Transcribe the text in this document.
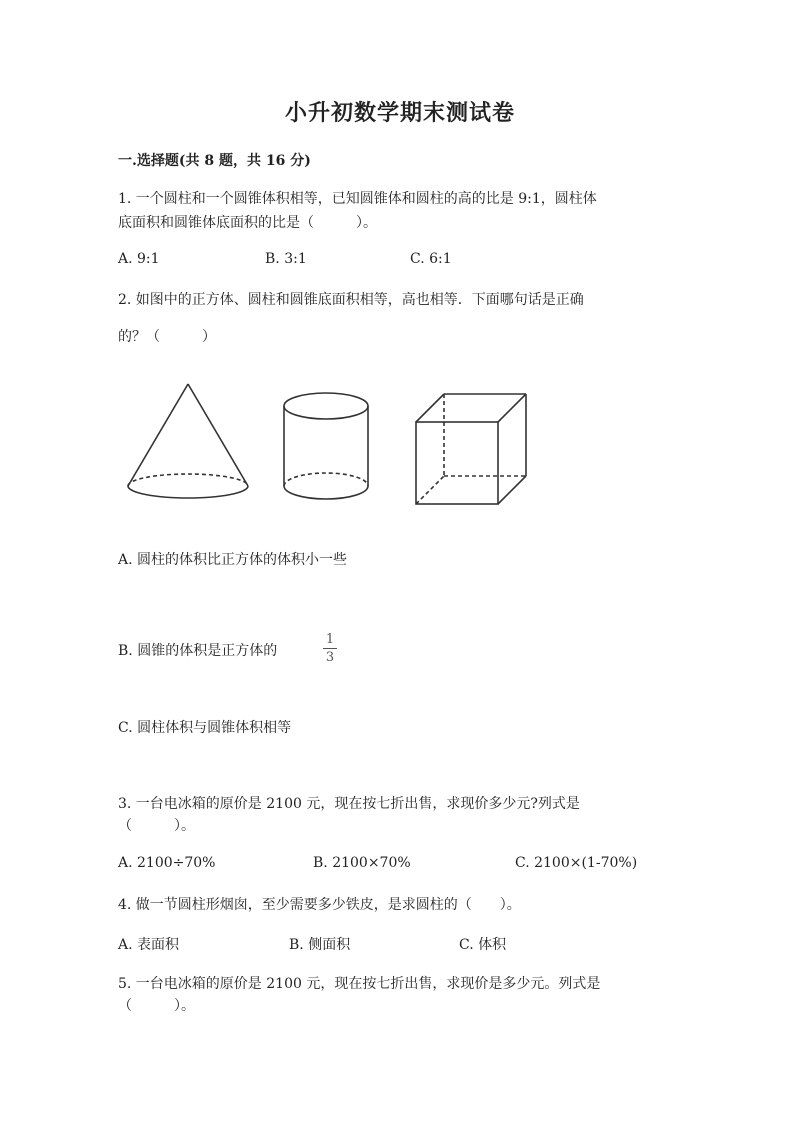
小升初数学期末测试卷
一.选择题(共 8 题，共 16 分)
1. 一个圆柱和一个圆锥体积相等，已知圆锥体和圆柱的高的比是 9:1，圆柱体
底面积和圆锥体底面积的比是（　　　）。
A. 9:1	B. 3:1	C. 6:1
2. 如图中的正方体、圆柱和圆锥底面积相等，高也相等．下面哪句话是正确
的？（　　　）
A. 圆柱的体积比正方体的体积小一些
B. 圆锥的体积是正方体的
1
3
C. 圆柱体积与圆锥体积相等
3. 一台电冰箱的原价是 2100 元，现在按七折出售，求现价多少元?列式是
（　　　）。
A. 2100÷70%	B. 2100×70%	C. 2100×(1-70%)
4. 做一节圆柱形烟囱，至少需要多少铁皮，是求圆柱的（　　）。
A. 表面积	B. 侧面积	C. 体积
5. 一台电冰箱的原价是 2100 元，现在按七折出售，求现价是多少元。列式是
（　　　）。
